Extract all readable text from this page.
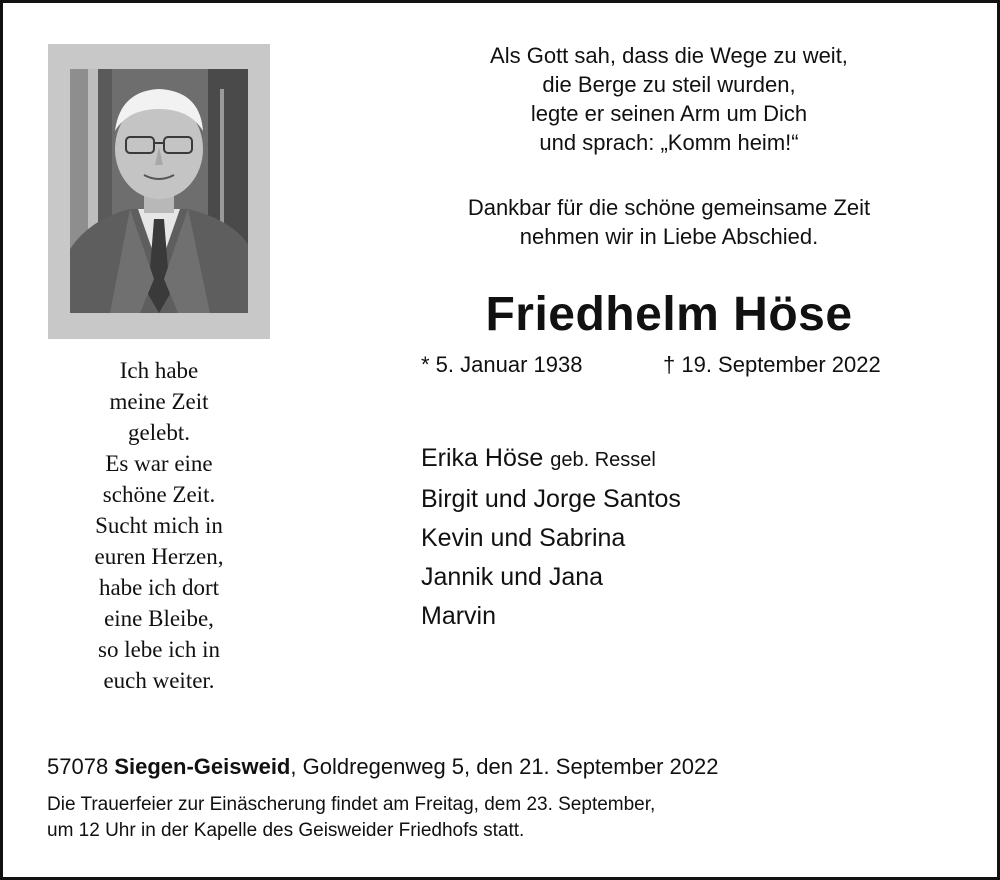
Ich habe
meine Zeit
gelebt.
Es war eine
schöne Zeit.
Sucht mich in
euren Herzen,
habe ich dort
eine Bleibe,
so lebe ich in
euch weiter.
Als Gott sah, dass die Wege zu weit,
die Berge zu steil wurden,
legte er seinen Arm um Dich
und sprach: „Komm heim!“
Dankbar für die schöne gemeinsame Zeit
nehmen wir in Liebe Abschied.
Friedhelm Höse
* 5. Januar 1938	† 19. September 2022
Erika Höse geb. Ressel
Birgit und Jorge Santos
Kevin und Sabrina
Jannik und Jana
Marvin
57078 Siegen-Geisweid, Goldregenweg 5, den 21. September 2022
Die Trauerfeier zur Einäscherung findet am Freitag, dem 23. September,
um 12 Uhr in der Kapelle des Geisweider Friedhofs statt.
